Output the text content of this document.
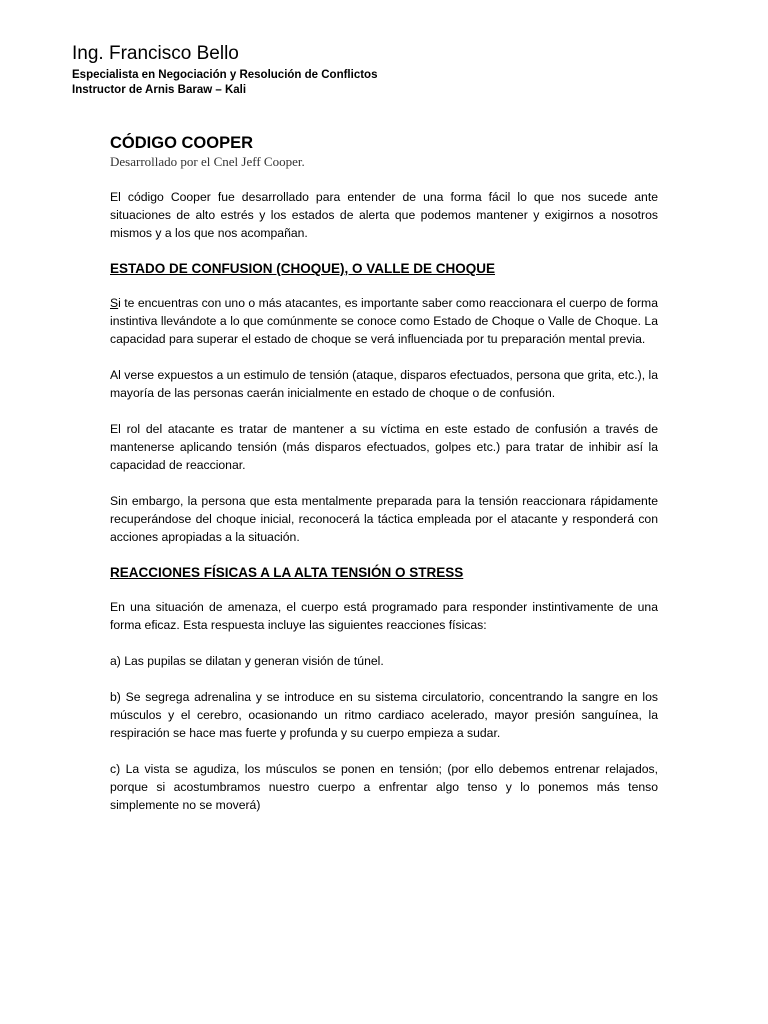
Ing. Francisco Bello
Especialista en Negociación y Resolución de Conflictos
Instructor de Arnis Baraw – Kali
CÓDIGO COOPER
Desarrollado por el Cnel Jeff Cooper.

El código Cooper fue desarrollado para entender de una forma fácil lo que nos sucede ante situaciones de alto estrés y los estados de alerta que podemos mantener y exigirnos a nosotros mismos y a los que nos acompañan.

ESTADO DE CONFUSION (CHOQUE), O VALLE DE CHOQUE

Si te encuentras con uno o más atacantes, es importante saber como reaccionara el cuerpo de forma instintiva llevándote a lo que comúnmente se conoce como Estado de Choque o Valle de Choque. La capacidad para superar el estado de choque se verá influenciada por tu preparación mental previa.

Al verse expuestos a un estimulo de tensión (ataque, disparos efectuados, persona que grita, etc.), la mayoría de las personas caerán inicialmente en estado de choque o de confusión.

El rol del atacante es tratar de mantener a su víctima en este estado de confusión a través de mantenerse aplicando tensión (más disparos efectuados, golpes etc.) para tratar de inhibir así la capacidad de reaccionar.

Sin embargo, la persona que esta mentalmente preparada para la tensión reaccionara rápidamente recuperándose del choque inicial, reconocerá la táctica empleada por el atacante y responderá con acciones apropiadas a la situación.

REACCIONES FÍSICAS A LA ALTA TENSIÓN O STRESS

En una situación de amenaza, el cuerpo está programado para responder instintivamente de una forma eficaz. Esta respuesta incluye las siguientes reacciones físicas:

a) Las pupilas se dilatan y generan visión de túnel.

b) Se segrega adrenalina y se introduce en su sistema circulatorio, concentrando la sangre en los músculos y el cerebro, ocasionando un ritmo cardiaco acelerado, mayor presión sanguínea, la respiración se hace mas fuerte y profunda y su cuerpo empieza a sudar.

c) La vista se agudiza, los músculos se ponen en tensión; (por ello debemos entrenar relajados, porque si acostumbramos nuestro cuerpo a enfrentar algo tenso y lo ponemos más tenso simplemente no se moverá)
